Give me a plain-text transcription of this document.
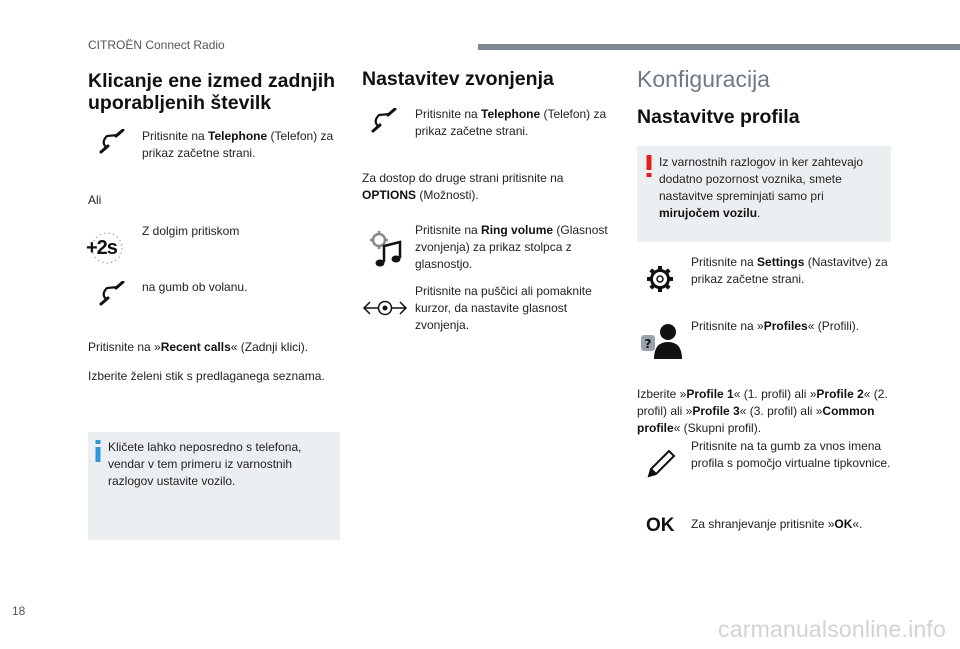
CITROËN Connect Radio
Klicanje ene izmed zadnjih uporabljenih številk

Pritisnite na Telephone (Telefon) za prikaz začetne strani.

Ali

+2s

Z dolgim pritiskom

na gumb ob volanu.

Pritisnite na »Recent calls« (Zadnji klici).

Izberite želeni stik s predlaganega seznama.

Kličete lahko neposredno s telefona, vendar v tem primeru iz varnostnih razlogov ustavite vozilo.

Nastavitev zvonjenja

Pritisnite na Telephone (Telefon) za prikaz začetne strani.

Za dostop do druge strani pritisnite na OPTIONS (Možnosti).

Pritisnite na Ring volume (Glasnost zvonjenja) za prikaz stolpca z glasnostjo.

Pritisnite na puščici ali pomaknite kurzor, da nastavite glasnost zvonjenja.

Konfiguracija
Nastavitve profila

Iz varnostnih razlogov in ker zahtevajo dodatno pozornost voznika, smete nastavitve spreminjati samo pri mirujočem vozilu.

Pritisnite na Settings (Nastavitve) za prikaz začetne strani.

?

Pritisnite na »Profiles« (Profili).

Izberite »Profile 1« (1. profil) ali »Profile 2« (2. profil) ali »Profile 3« (3. profil) ali »Common profile« (Skupni profil).

Pritisnite na ta gumb za vnos imena profila s pomočjo virtualne tipkovnice.

OK Za shranjevanje pritisnite »OK«.

18
carmanualsonline.info
